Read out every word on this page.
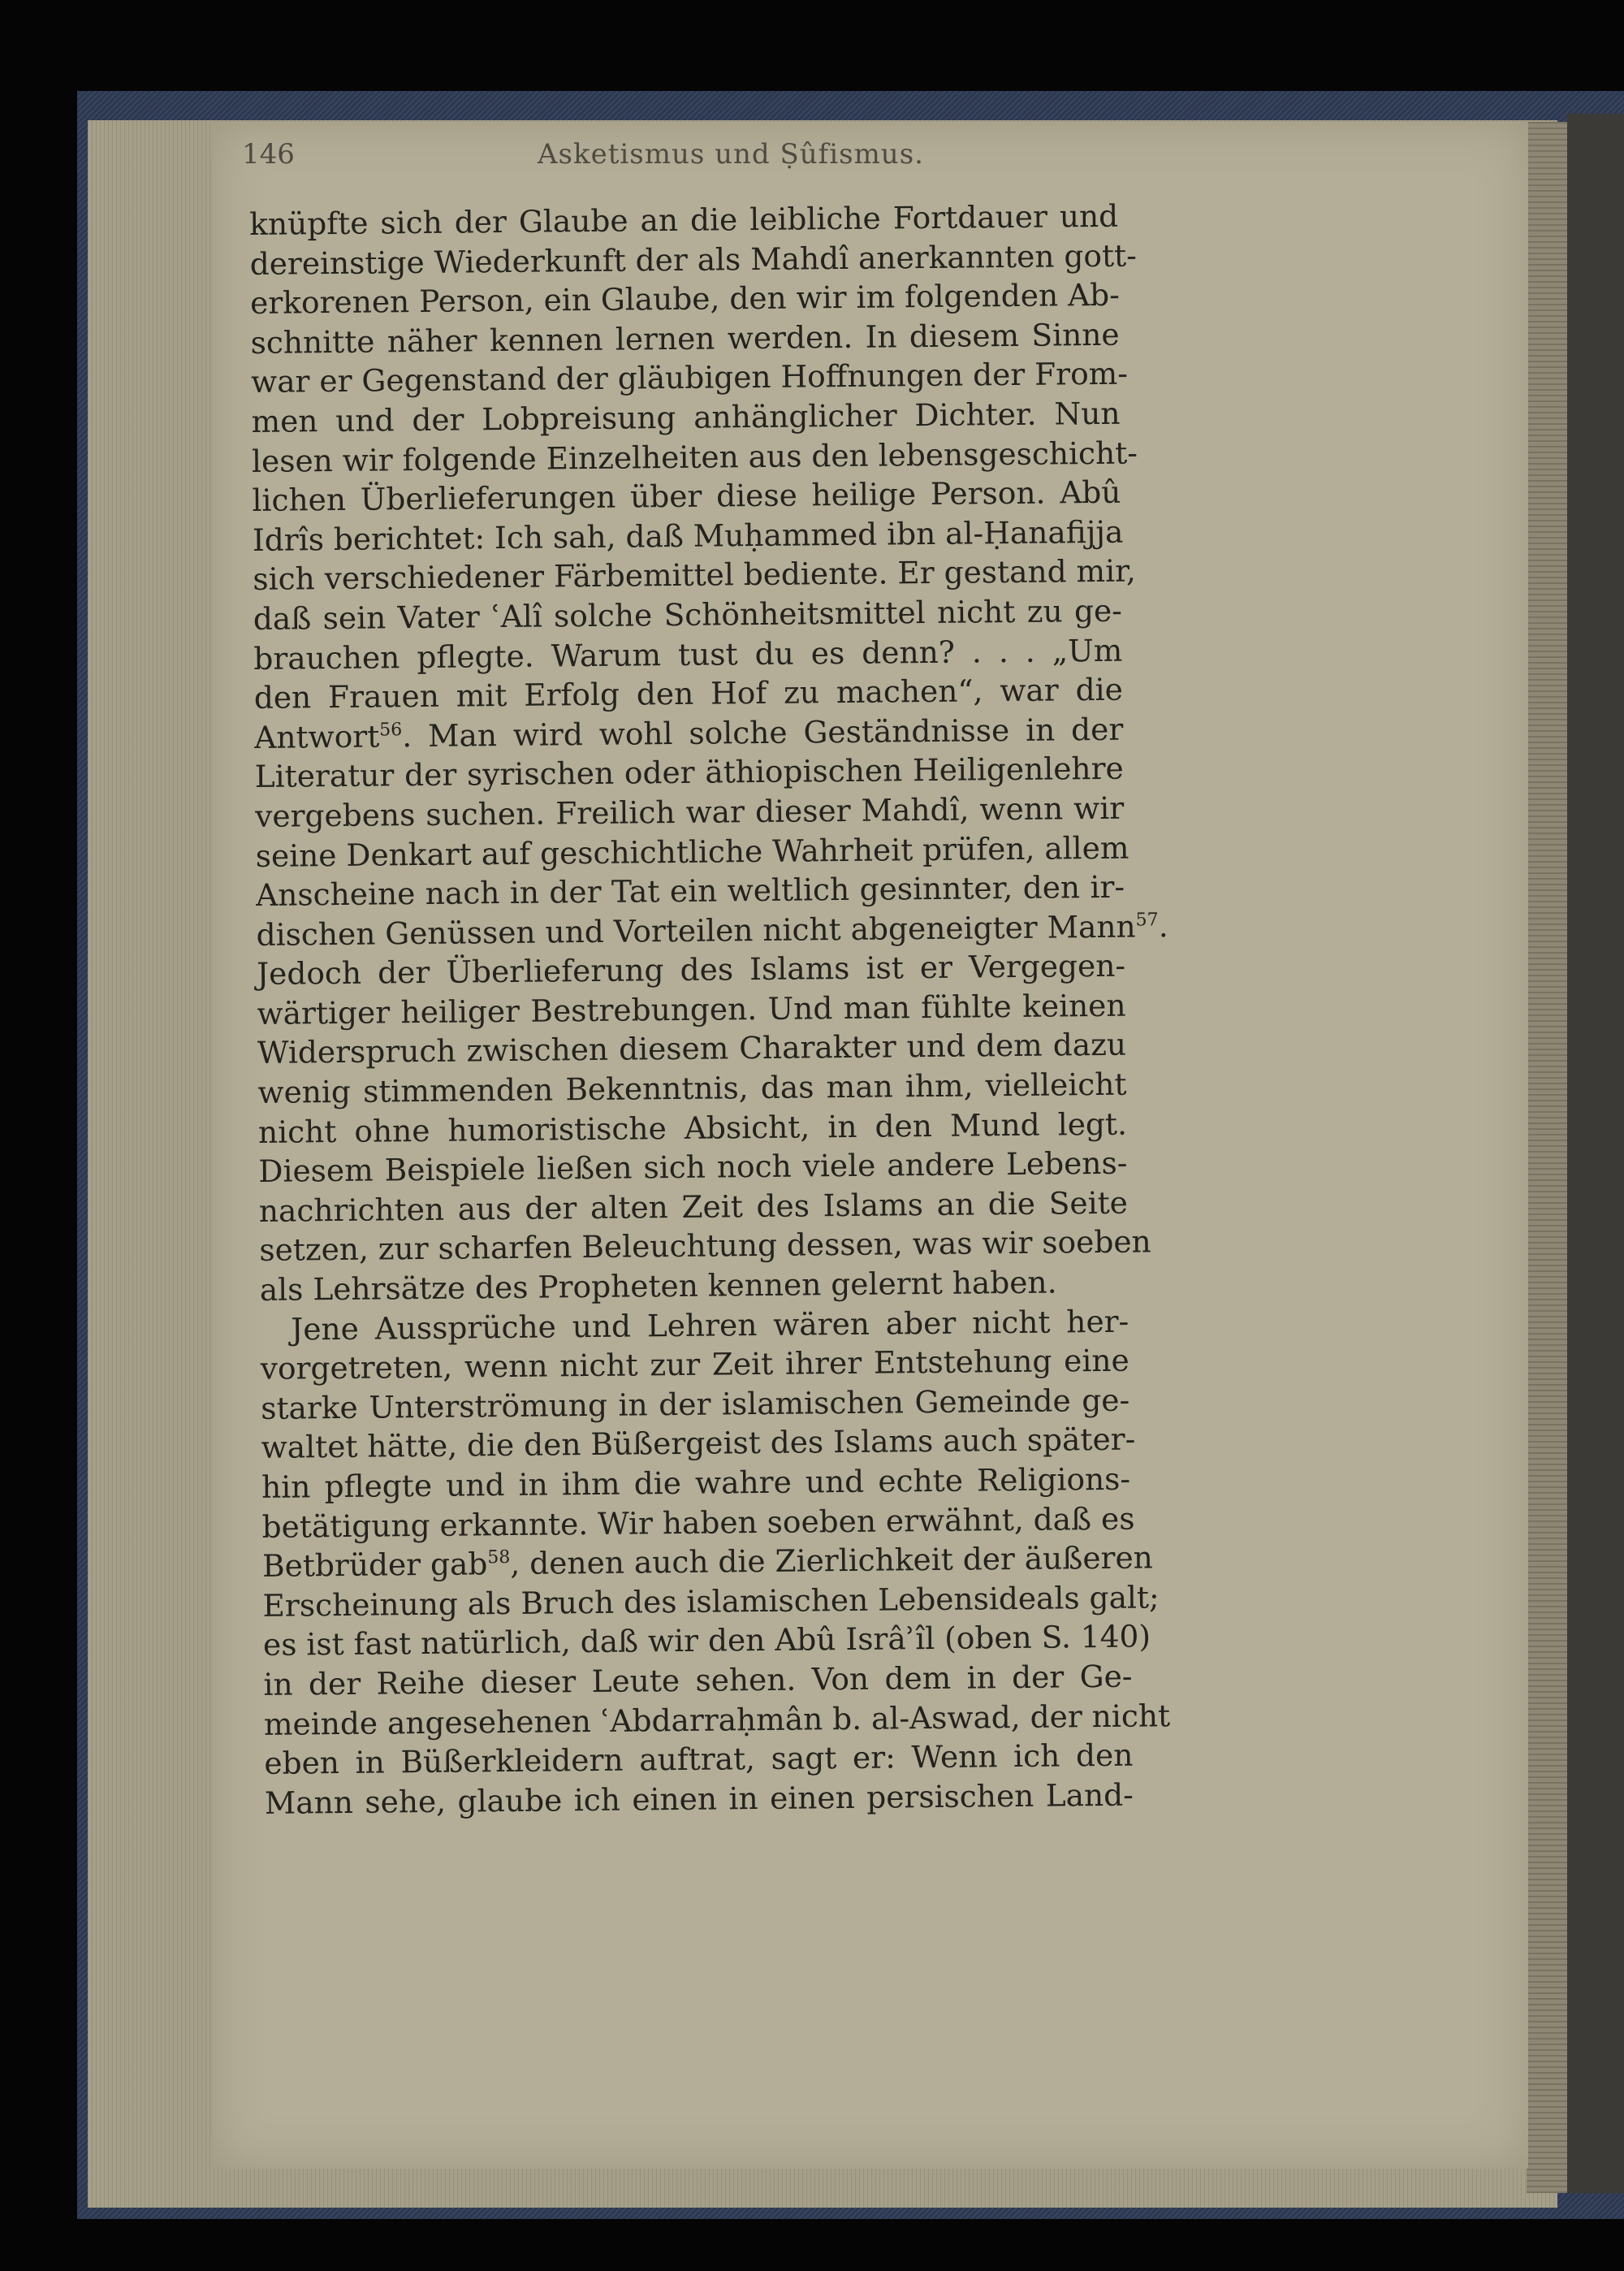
146	Asketismus und Ṣûfismus.
knüpfte sich der Glaube an die leibliche Fortdauer und
dereinstige Wiederkunft der als Mahdî anerkannten gott-
erkorenen Person, ein Glaube, den wir im folgenden Ab-
schnitte näher kennen lernen werden. In diesem Sinne
war er Gegenstand der gläubigen Hoffnungen der From-
men und der Lobpreisung anhänglicher Dichter. Nun
lesen wir folgende Einzelheiten aus den lebensgeschicht-
lichen Überlieferungen über diese heilige Person. Abû
Idrîs berichtet: Ich sah, daß Muḥammed ibn al-Ḥanafijja
sich verschiedener Färbemittel bediente. Er gestand mir,
daß sein Vater ʿAlî solche Schönheitsmittel nicht zu ge-
brauchen pflegte. Warum tust du es denn? . . . „Um
den Frauen mit Erfolg den Hof zu machen“, war die
Antwort$^{56}$. Man wird wohl solche Geständnisse in der
Literatur der syrischen oder äthiopischen Heiligenlehre
vergebens suchen. Freilich war dieser Mahdî, wenn wir
seine Denkart auf geschichtliche Wahrheit prüfen, allem
Anscheine nach in der Tat ein weltlich gesinnter, den ir-
dischen Genüssen und Vorteilen nicht abgeneigter Mann$^{57}$.
Jedoch der Überlieferung des Islams ist er Vergegen-
wärtiger heiliger Bestrebungen. Und man fühlte keinen
Widerspruch zwischen diesem Charakter und dem dazu
wenig stimmenden Bekenntnis, das man ihm, vielleicht
nicht ohne humoristische Absicht, in den Mund legt.
Diesem Beispiele ließen sich noch viele andere Lebens-
nachrichten aus der alten Zeit des Islams an die Seite
setzen, zur scharfen Beleuchtung dessen, was wir soeben
als Lehrsätze des Propheten kennen gelernt haben.
Jene Aussprüche und Lehren wären aber nicht her-
vorgetreten, wenn nicht zur Zeit ihrer Entstehung eine
starke Unterströmung in der islamischen Gemeinde ge-
waltet hätte, die den Büßergeist des Islams auch später-
hin pflegte und in ihm die wahre und echte Religions-
betätigung erkannte. Wir haben soeben erwähnt, daß es
Betbrüder gab$^{58}$, denen auch die Zierlichkeit der äußeren
Erscheinung als Bruch des islamischen Lebensideals galt;
es ist fast natürlich, daß wir den Abû Isrâʾîl (oben S. 140)
in der Reihe dieser Leute sehen. Von dem in der Ge-
meinde angesehenen ʿAbdarraḥmân b. al-Aswad, der nicht
eben in Büßerkleidern auftrat, sagt er: Wenn ich den
Mann sehe, glaube ich einen in einen persischen Land-
